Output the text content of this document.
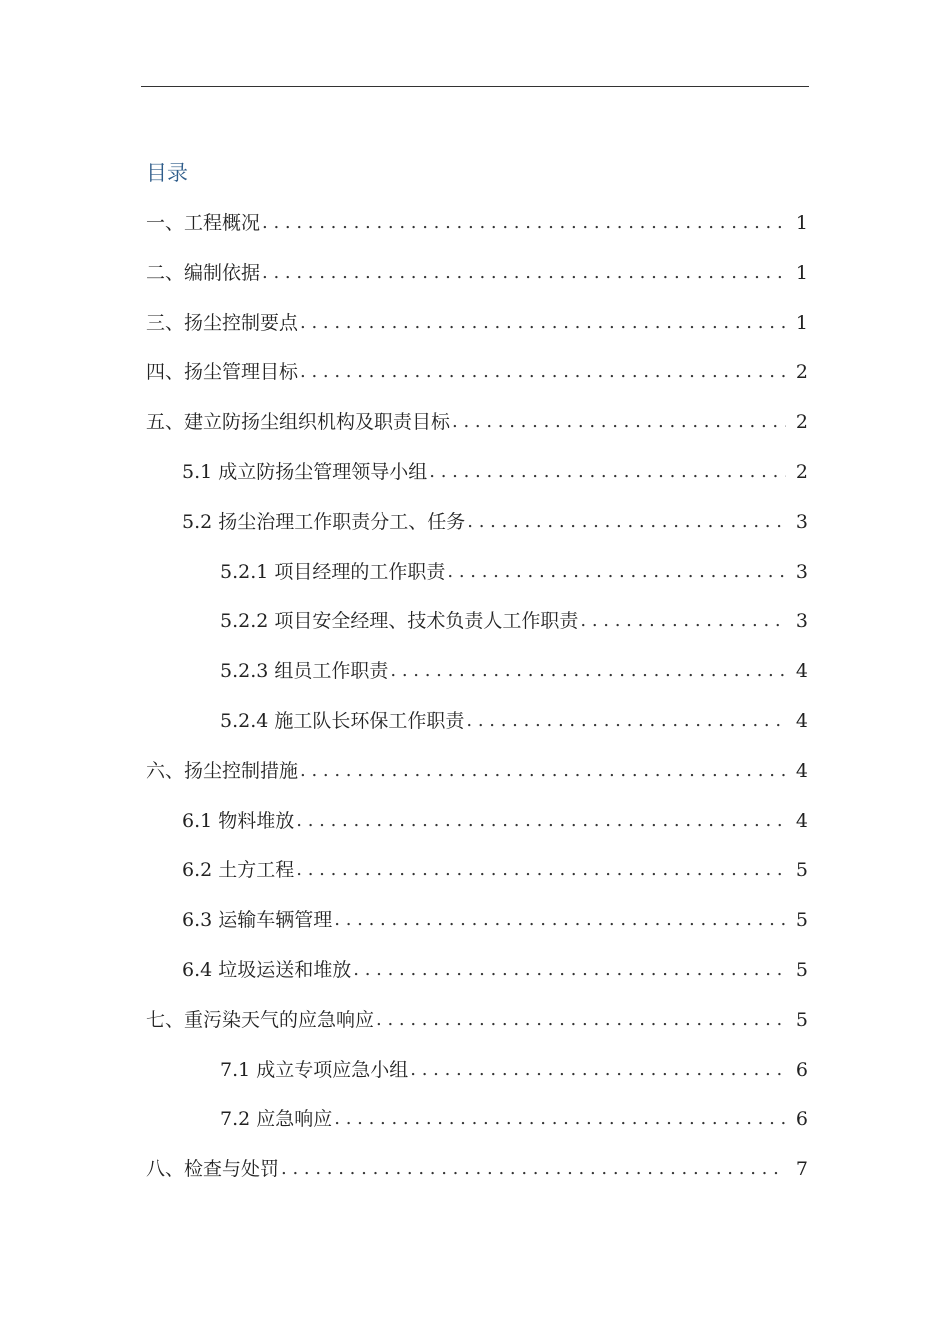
目录
一、工程概况 . . .	1
二、编制依据 . . .	1
三、扬尘控制要点 . . .	1
四、扬尘管理目标 . . .	2
五、建立防扬尘组织机构及职责目标 . . .	2
5.1 成立防扬尘管理领导小组 . . .	2
5.2 扬尘治理工作职责分工、任务 . . .	3
5.2.1 项目经理的工作职责 . . .	3
5.2.2 项目安全经理、技术负责人工作职责 . . .	3
5.2.3 组员工作职责 . . .	4
5.2.4 施工队长环保工作职责 . . .	4
六、扬尘控制措施 . . .	4
6.1 物料堆放 . . .	4
6.2 土方工程 . . .	5
6.3 运输车辆管理 . . .	5
6.4 垃圾运送和堆放 . . .	5
七、重污染天气的应急响应 . . .	5
7.1 成立专项应急小组 . . .	6
7.2 应急响应 . . .	6
八、检查与处罚 . . .	7
